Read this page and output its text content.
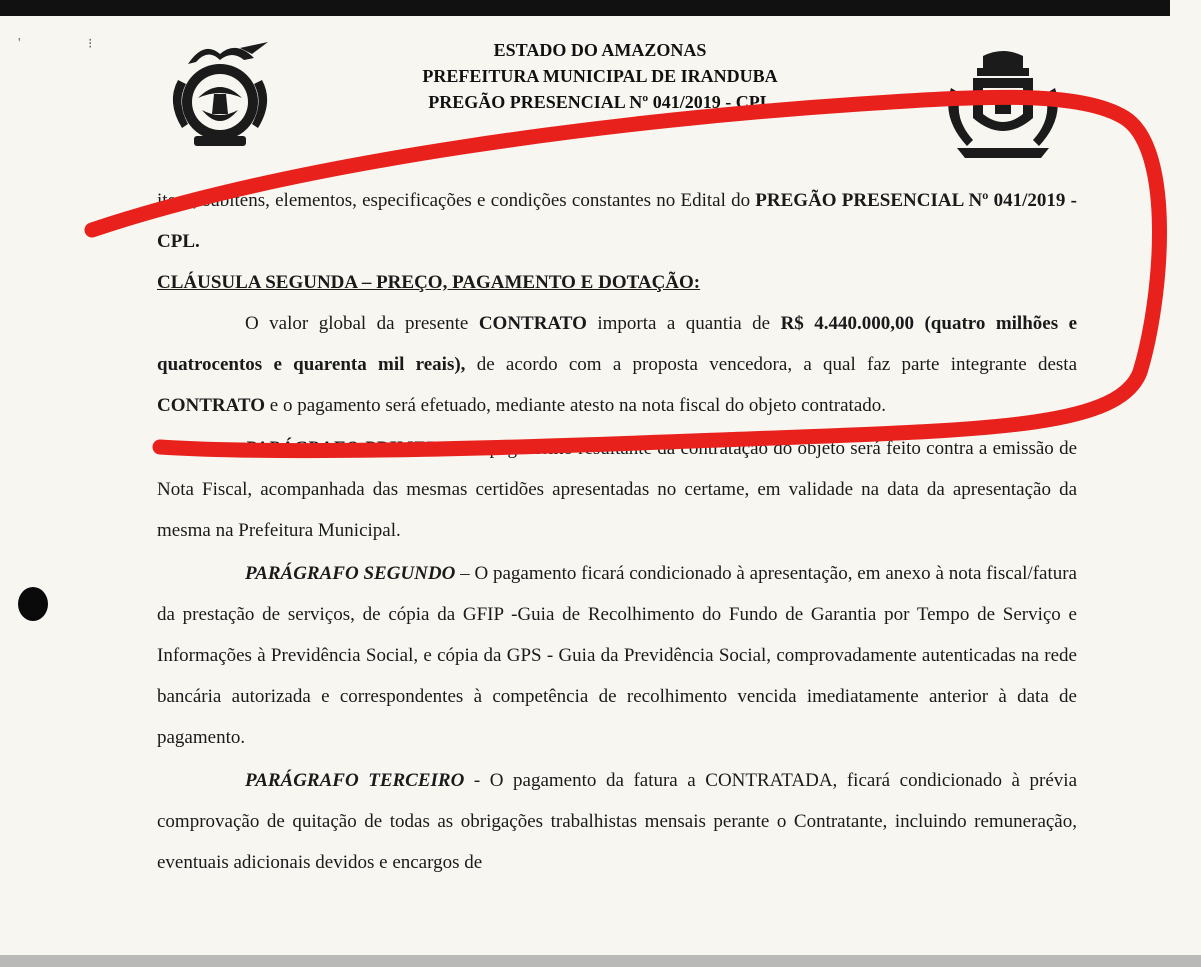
'	⁝	ESTADO DO AMAZONAS
PREFEITURA MUNICIPAL DE IRANDUBA
PREGÃO PRESENCIAL Nº 041/2019 - CPL

itens, subitens, elementos, especificações e condições constantes no Edital do PREGÃO PRESENCIAL Nº 041/2019 - CPL.

CLÁUSULA SEGUNDA – PREÇO, PAGAMENTO E DOTAÇÃO:

O valor global da presente CONTRATO importa a quantia de R$ 4.440.000,00 (quatro milhões e quatrocentos e quarenta mil reais), de acordo com a proposta vencedora, a qual faz parte integrante desta CONTRATO e o pagamento será efetuado, mediante atesto na nota fiscal do objeto contratado.

PARÁGRAFO PRIMEIRO: O pagamento resultante da contratação do objeto será feito contra a emissão de Nota Fiscal, acompanhada das mesmas certidões apresentadas no certame, em validade na data da apresentação da mesma na Prefeitura Municipal.

PARÁGRAFO SEGUNDO – O pagamento ficará condicionado à apresentação, em anexo à nota fiscal/fatura da prestação de serviços, de cópia da GFIP -Guia de Recolhimento do Fundo de Garantia por Tempo de Serviço e Informações à Previdência Social, e cópia da GPS - Guia da Previdência Social, comprovadamente autenticadas na rede bancária autorizada e correspondentes à competência de recolhimento vencida imediatamente anterior à data de pagamento.

PARÁGRAFO TERCEIRO - O pagamento da fatura a CONTRATADA, ficará condicionado à prévia comprovação de quitação de todas as obrigações trabalhistas mensais perante o Contratante, incluindo remuneração, eventuais adicionais devidos e encargos de
